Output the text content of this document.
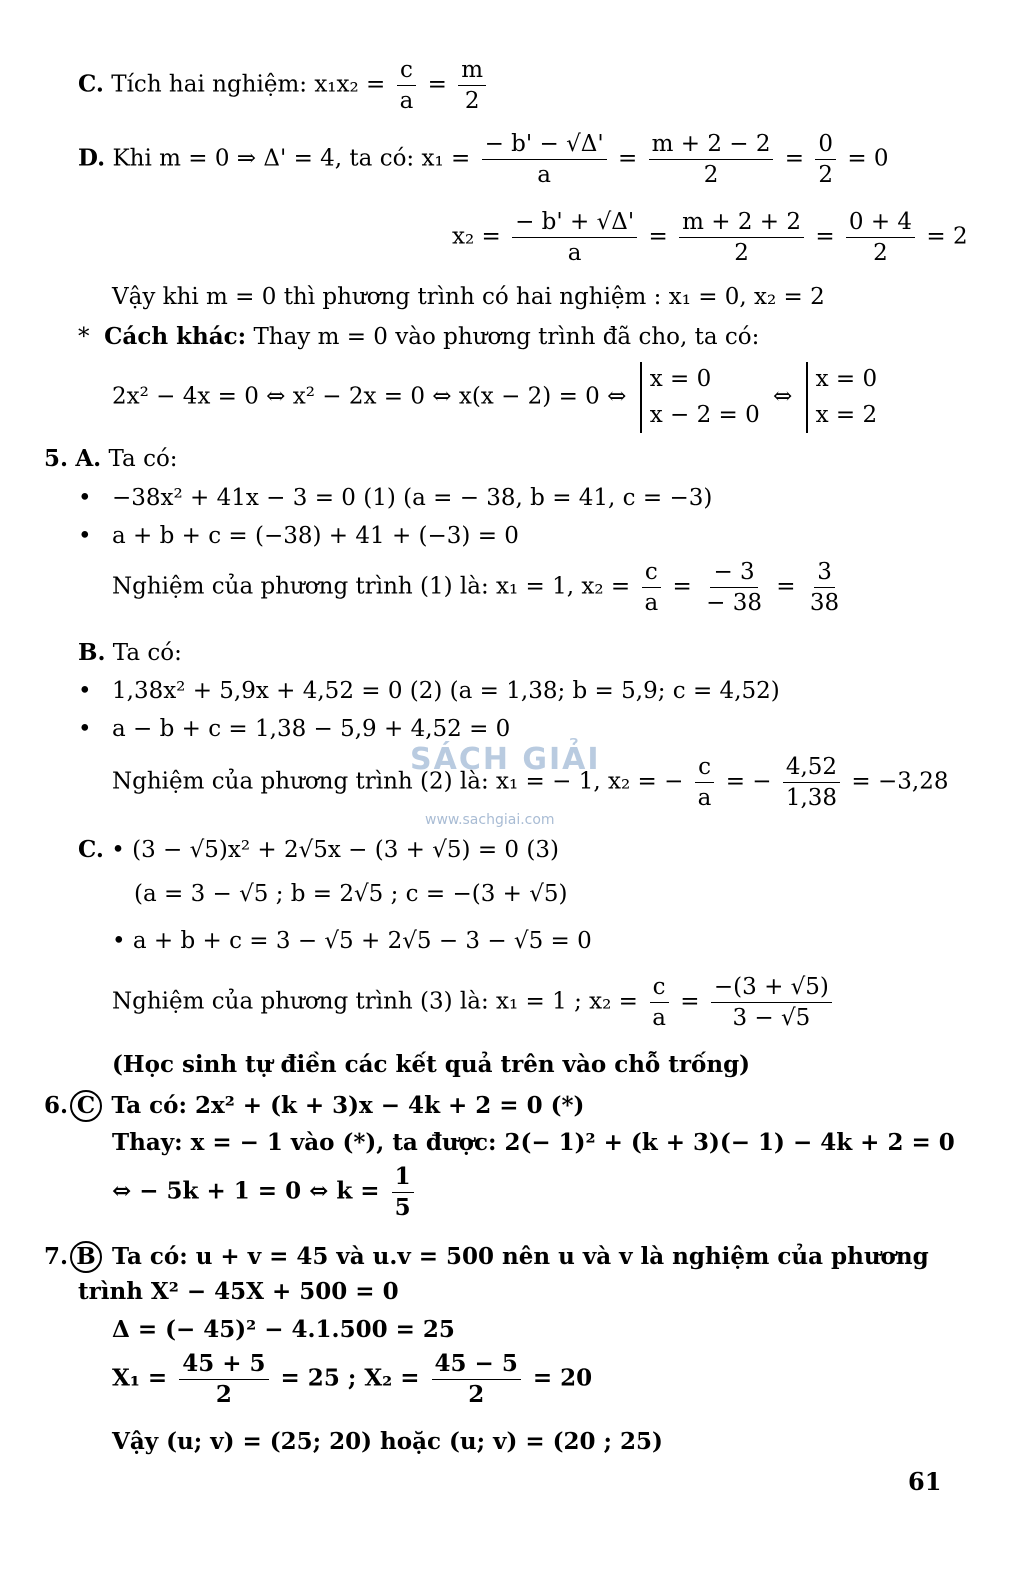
C. Tích hai nghiệm: $x_1x_2 = \frac{c}{a} = \frac{m}{2}$
D. Khi m = 0 ⇒ Δ' = 4, ta có: $x_1 = \frac{- b' - √\Delta'}{a} = \frac{m + 2 - 2}{2} = \frac{0}{2} = 0$
$x_2 = \frac{- b' + √\Delta'}{a} = \frac{m + 2 + 2}{2} = \frac{0 + 4}{2} = 2$
Vậy khi m = 0 thì phương trình có hai nghiệm : x₁ = 0, x₂ = 2
* Cách khác: Thay m = 0 vào phương trình đã cho, ta có:
2x² − 4x = 0 ⇔ x² − 2x = 0 ⇔ x(x − 2) = 0 ⇔
x = 0
x − 2 = 0
⇔
x = 0
x = 2
5. A. Ta có:
• −38x² + 41x − 3 = 0 (1) (a = − 38, b = 41, c = −3)
• a + b + c = (−38) + 41 + (−3) = 0
Nghiệm của phương trình (1) là: x₁ = 1, $x_2 = \frac{c}{a} = \frac{- 3}{- 38} = \frac{3}{38}$
B. Ta có:
• 1,38x² + 5,9x + 4,52 = 0 (2) (a = 1,38; b = 5,9; c = 4,52)
• a − b + c = 1,38 − 5,9 + 4,52 = 0
Nghiệm của phương trình (2) là: x₁ = − 1, x₂ = − $\frac{c}{a}$ = − $\frac{4,52}{1,38} = -3,28$
C. • (3 − √5)x² + 2√5x − (3 + √5) = 0 (3)
(a = 3 − √5 ; b = 2√5 ; c = −(3 + √5)
• a + b + c = 3 − √5 + 2√5 − 3 − √5 = 0
Nghiệm của phương trình (3) là: x₁ = 1 ; $x_2 = \frac{c}{a} = \frac{-(3 + √5)}{3 - √5}$
(Học sinh tự điền các kết quả trên vào chỗ trống)
6. C Ta có: 2x² + (k + 3)x − 4k + 2 = 0 (*)
Thay: x = − 1 vào (*), ta được: 2(− 1)² + (k + 3)(− 1) − 4k + 2 = 0
⇔ − 5k + 1 = 0 ⇔ $k = \frac{1}{5}$
7. B Ta có: u + v = 45 và u.v = 500 nên u và v là nghiệm của phương
trình X² − 45X + 500 = 0
Δ = (− 45)² − 4.1.500 = 25
$X_1 = \frac{45 + 5}{2} = 25$ ; $X_2 = \frac{45 - 5}{2} = 20$
Vậy (u; v) = (25; 20) hoặc (u; v) = (20 ; 25)
SÁCH GIẢI
www.sachgiai.com
61
